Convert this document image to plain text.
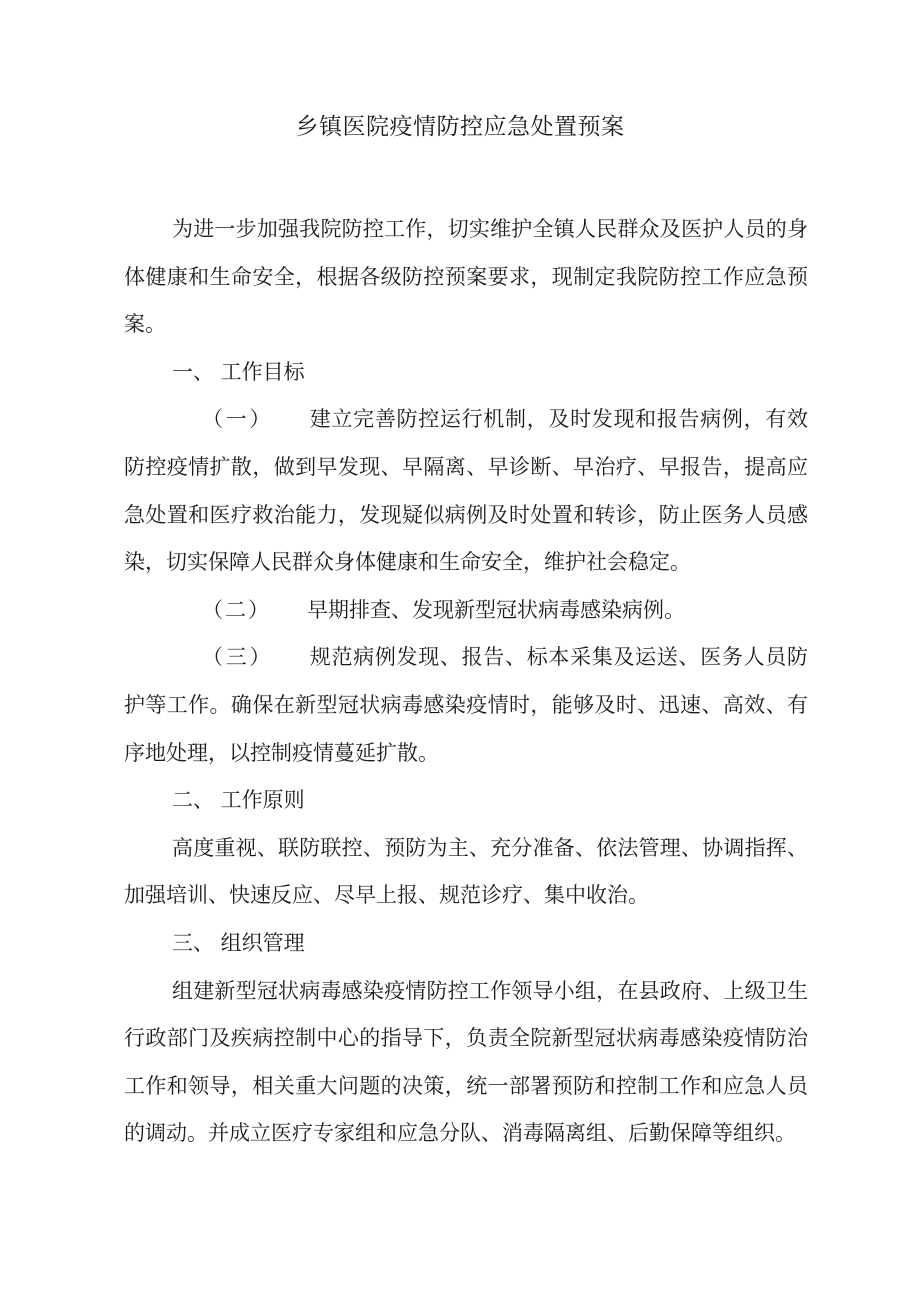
乡镇医院疫情防控应急处置预案

为进一步加强我院防控工作，切实维护全镇人民群众及医护人员的身体健康和生命安全，根据各级防控预案要求，现制定我院防控工作应急预案。

一、 工作目标

（一） 建立完善防控运行机制，及时发现和报告病例，有效防控疫情扩散，做到早发现、早隔离、早诊断、早治疗、早报告，提高应急处置和医疗救治能力，发现疑似病例及时处置和转诊，防止医务人员感染，切实保障人民群众身体健康和生命安全，维护社会稳定。

（二） 早期排查、发现新型冠状病毒感染病例。

（三） 规范病例发现、报告、标本采集及运送、医务人员防护等工作。确保在新型冠状病毒感染疫情时，能够及时、迅速、高效、有序地处理，以控制疫情蔓延扩散。

二、 工作原则

高度重视、联防联控、预防为主、充分准备、依法管理、协调指挥、加强培训、快速反应、尽早上报、规范诊疗、集中收治。

三、 组织管理

组建新型冠状病毒感染疫情防控工作领导小组，在县政府、上级卫生行政部门及疾病控制中心的指导下，负责全院新型冠状病毒感染疫情防治工作和领导，相关重大问题的决策，统一部署预防和控制工作和应急人员的调动。并成立医疗专家组和应急分队、消毒隔离组、后勤保障等组织。
